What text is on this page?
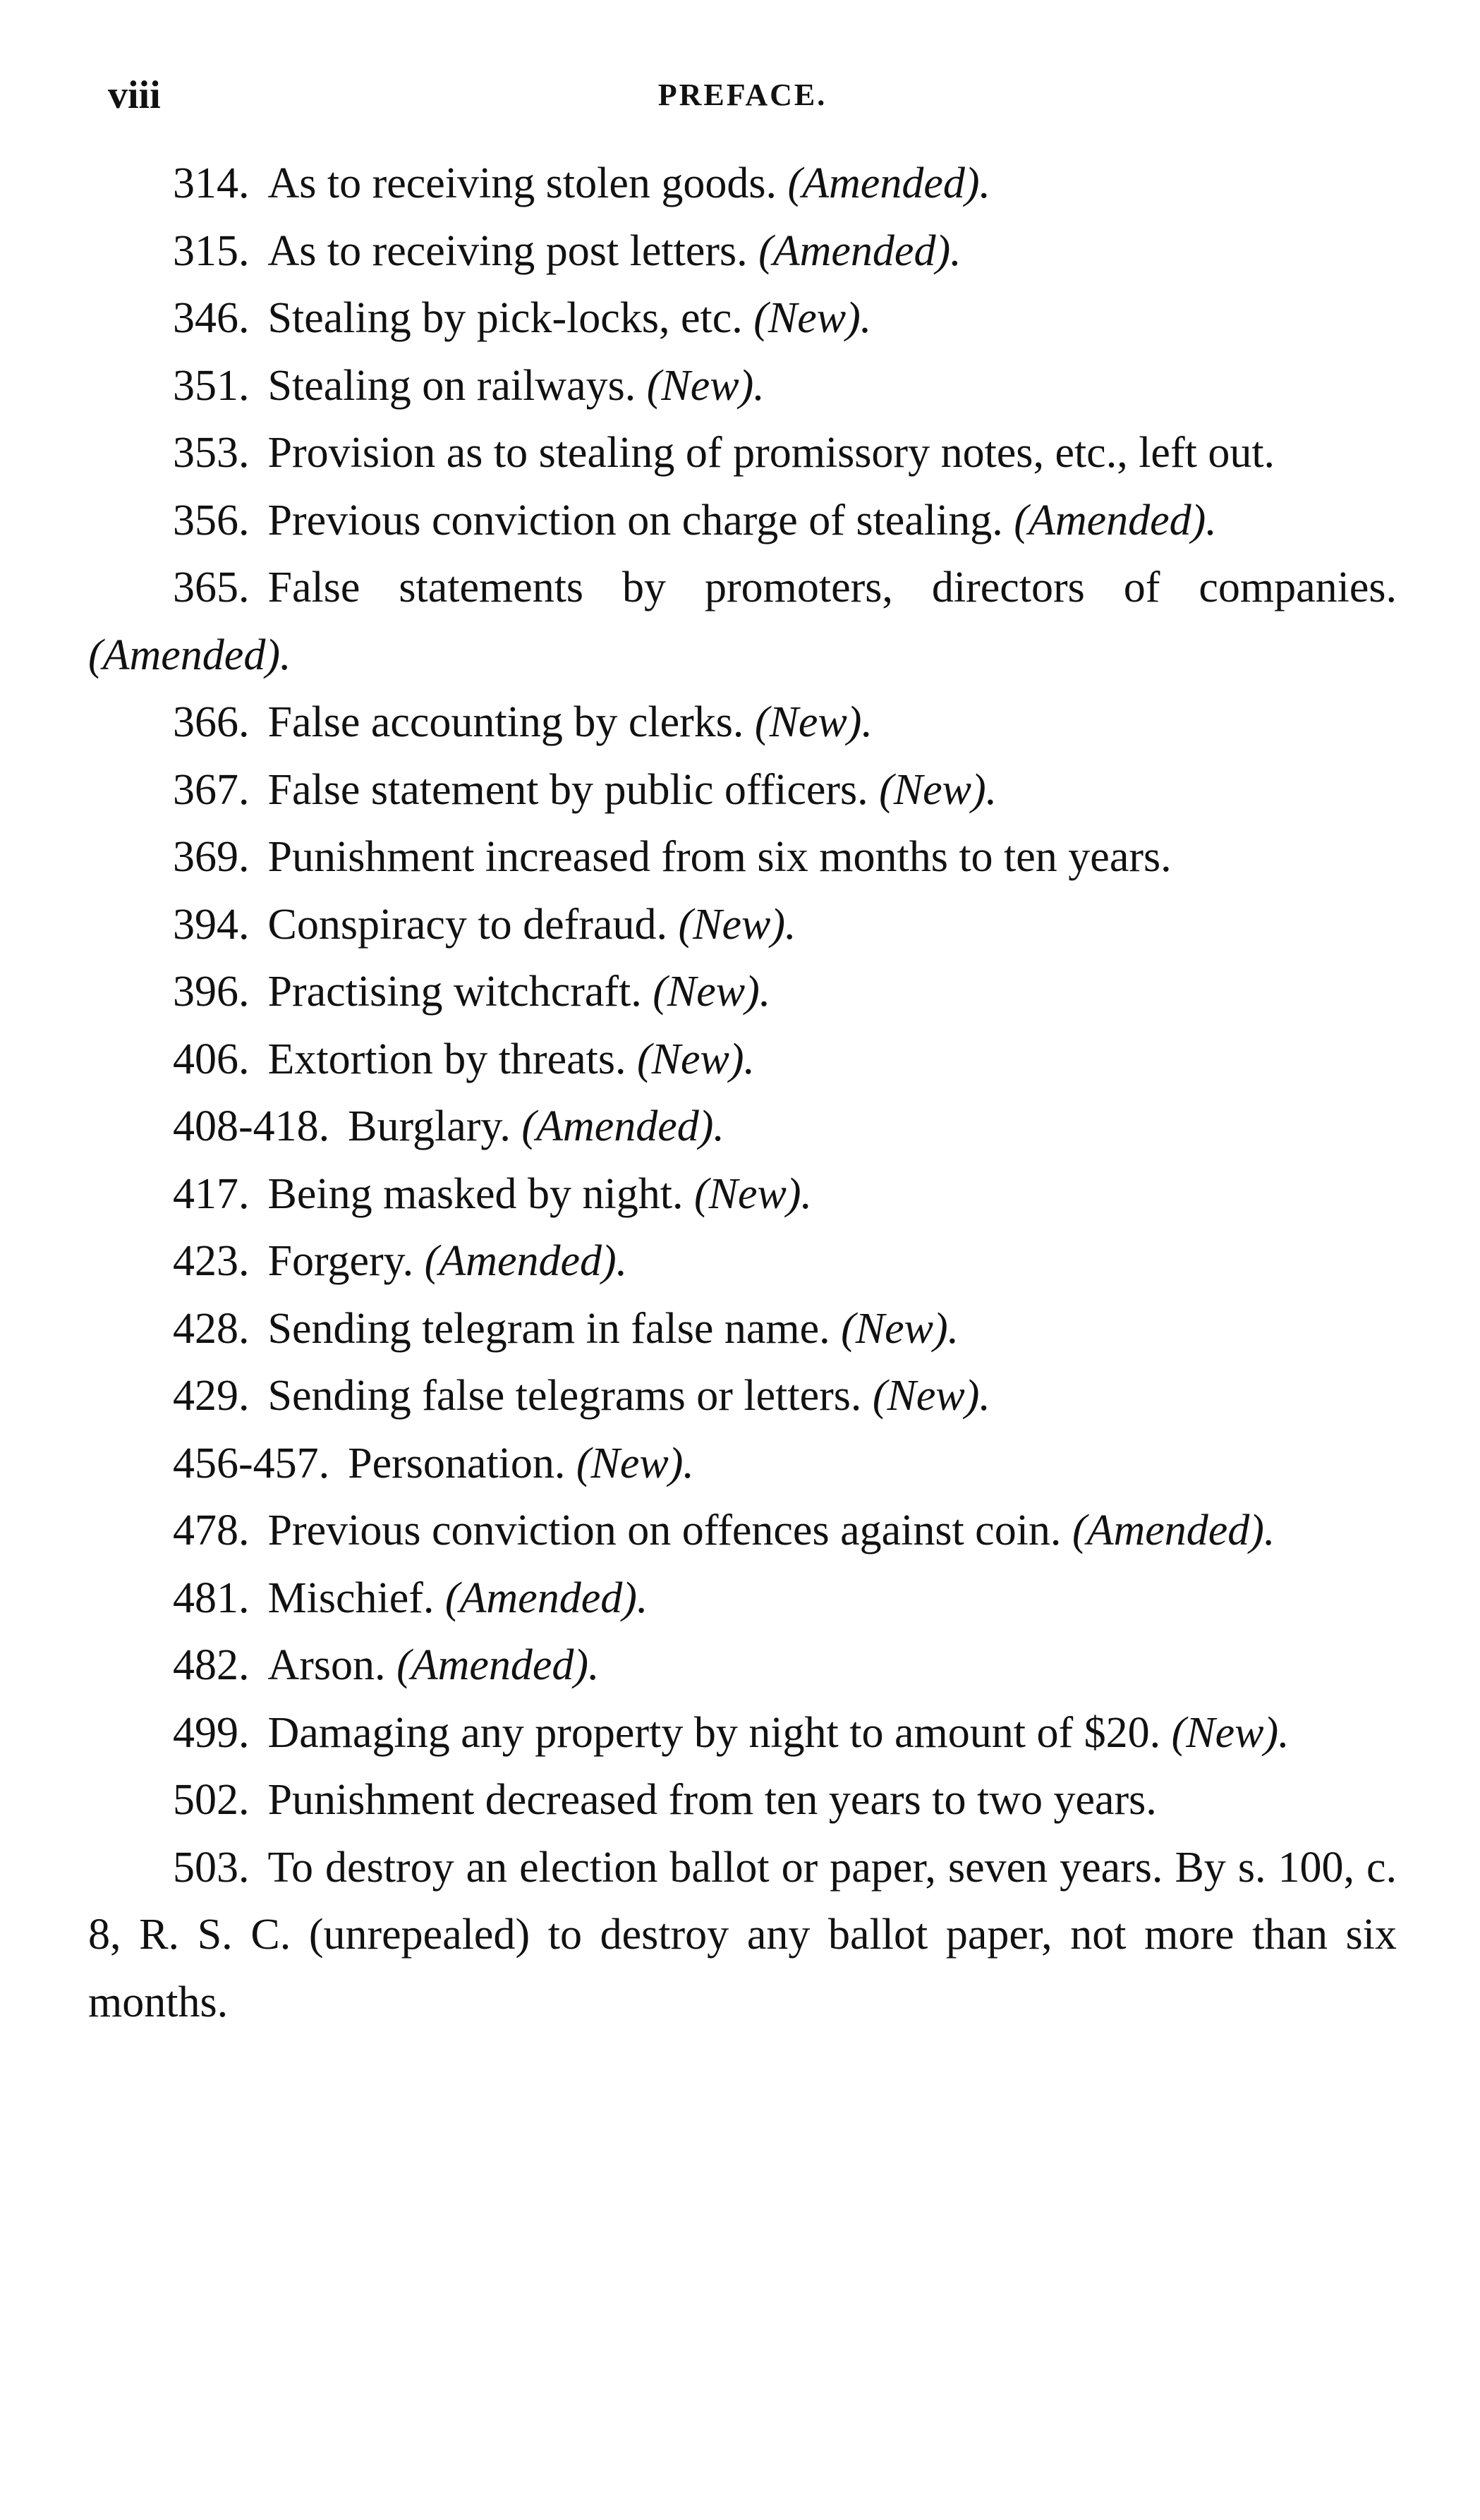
viii	PREFACE.
314. As to receiving stolen goods. (Amended).
315. As to receiving post letters. (Amended).
346. Stealing by pick-locks, etc. (New).
351. Stealing on railways. (New).
353. Provision as to stealing of promissory notes, etc., left out.
356. Previous conviction on charge of stealing. (Amended).
365. False statements by promoters, directors of companies. (Amended).
366. False accounting by clerks. (New).
367. False statement by public officers. (New).
369. Punishment increased from six months to ten years.
394. Conspiracy to defraud. (New).
396. Practising witchcraft. (New).
406. Extortion by threats. (New).
408-418. Burglary. (Amended).
417. Being masked by night. (New).
423. Forgery. (Amended).
428. Sending telegram in false name. (New).
429. Sending false telegrams or letters. (New).
456-457. Personation. (New).
478. Previous conviction on offences against coin. (Amended).
481. Mischief. (Amended).
482. Arson. (Amended).
499. Damaging any property by night to amount of $20. (New).
502. Punishment decreased from ten years to two years.
503. To destroy an election ballot or paper, seven years. By s. 100, c. 8, R. S. C. (unrepealed) to destroy any ballot paper, not more than six months.
